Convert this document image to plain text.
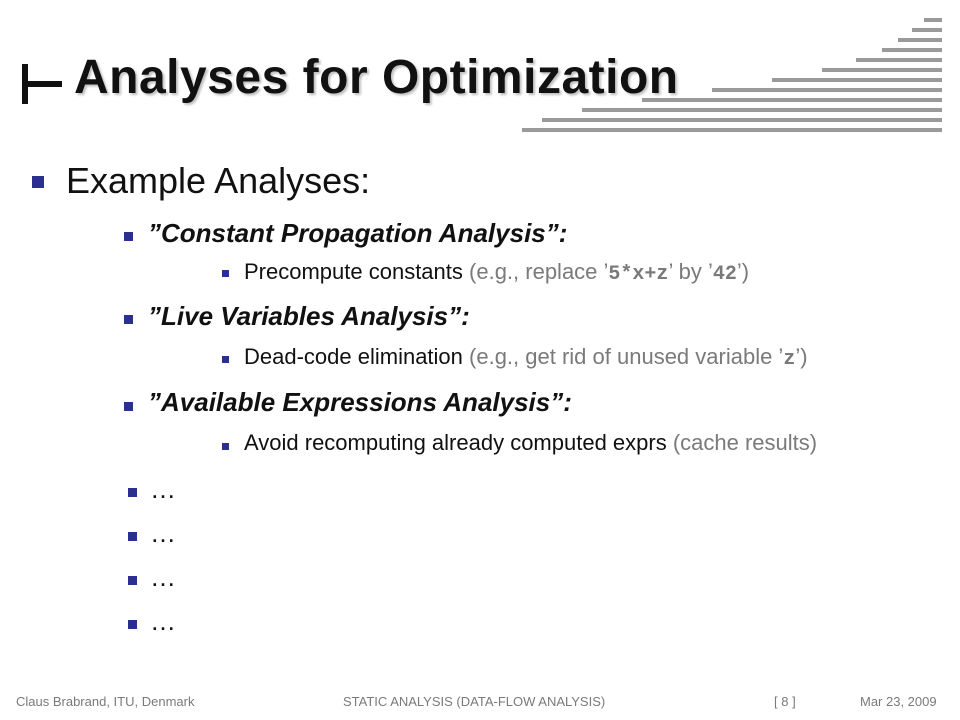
Analyses for Optimization
Example Analyses:
”Constant Propagation Analysis”:
Precompute constants (e.g., replace ’5*x+z’ by ’42’)
”Live Variables Analysis”:
Dead-code elimination (e.g., get rid of unused variable ’z’)
”Available Expressions Analysis”:
Avoid recomputing already computed exprs (cache results)
…
…
…
…
Claus Brabrand, ITU, Denmark	STATIC ANALYSIS (DATA-FLOW ANALYSIS)	[ 8 ]	Mar 23, 2009
